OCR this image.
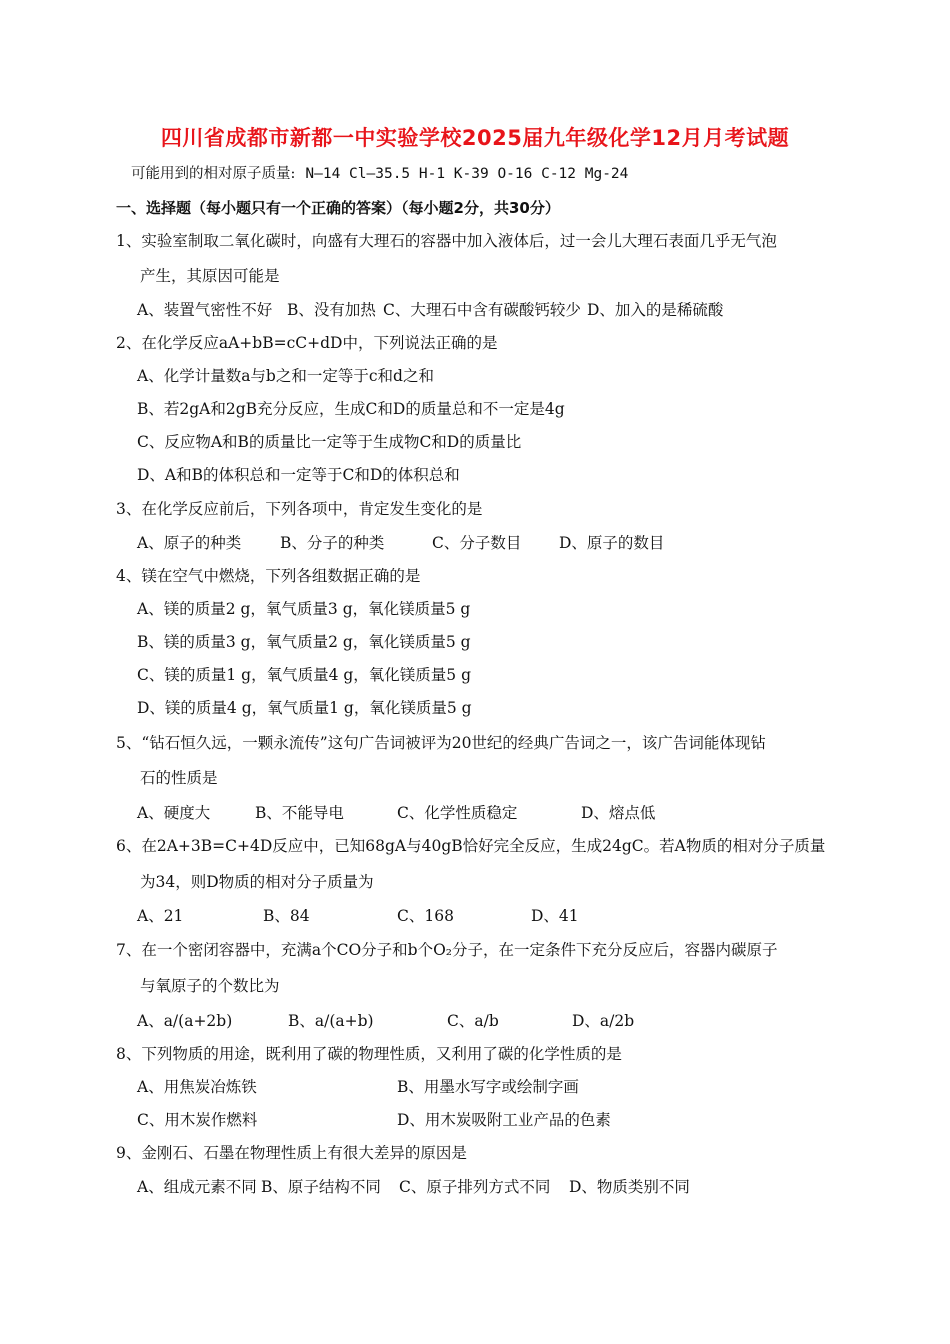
四川省成都市新都一中实验学校2025届九年级化学12月月考试题
可能用到的相对原子质量: N—14 Cl—35.5 H-1 K-39 O-16 C-12 Mg-24
一、选择题（每小题只有一个正确的答案）（每小题2分，共30分）
1、实验室制取二氧化碳时，向盛有大理石的容器中加入液体后，过一会儿大理石表面几乎无气泡
产生，其原因可能是
A、装置气密性不好 B、没有加热 C、大理石中含有碳酸钙较少 D、加入的是稀硫酸
2、在化学反应aA+bB=cC+dD中，下列说法正确的是
A、化学计量数a与b之和一定等于c和d之和
B、若2gA和2gB充分反应，生成C和D的质量总和不一定是4g
C、反应物A和B的质量比一定等于生成物C和D的质量比
D、A和B的体积总和一定等于C和D的体积总和
3、在化学反应前后，下列各项中，肯定发生变化的是
A、原子的种类	B、分子的种类	C、分子数目 D、原子的数目
4、镁在空气中燃烧，下列各组数据正确的是
A、镁的质量2 g，氧气质量3 g，氧化镁质量5 g
B、镁的质量3 g，氧气质量2 g，氧化镁质量5 g
C、镁的质量1 g，氧气质量4 g，氧化镁质量5 g
D、镁的质量4 g，氧气质量1 g，氧化镁质量5 g
5、“钻石恒久远，一颗永流传”这句广告词被评为20世纪的经典广告词之一，该广告词能体现钻
石的性质是
A、硬度大	B、不能导电	C、化学性质稳定	D、熔点低
6、在2A+3B=C+4D反应中，已知68gA与40gB恰好完全反应，生成24gC。若A物质的相对分子质量
为34，则D物质的相对分子质量为
A、21	B、84	C、168	D、41
7、在一个密闭容器中，充满a个CO分子和b个O₂分子，在一定条件下充分反应后，容器内碳原子
与氧原子的个数比为
A、a/(a+2b)	B、a/(a+b)	C、a/b	D、a/2b
8、下列物质的用途，既利用了碳的物理性质，又利用了碳的化学性质的是
A、用焦炭冶炼铁	B、用墨水写字或绘制字画
C、用木炭作燃料	D、用木炭吸附工业产品的色素
9、金刚石、石墨在物理性质上有很大差异的原因是
A、组成元素不同 B、原子结构不同 C、原子排列方式不同 D、物质类别不同
